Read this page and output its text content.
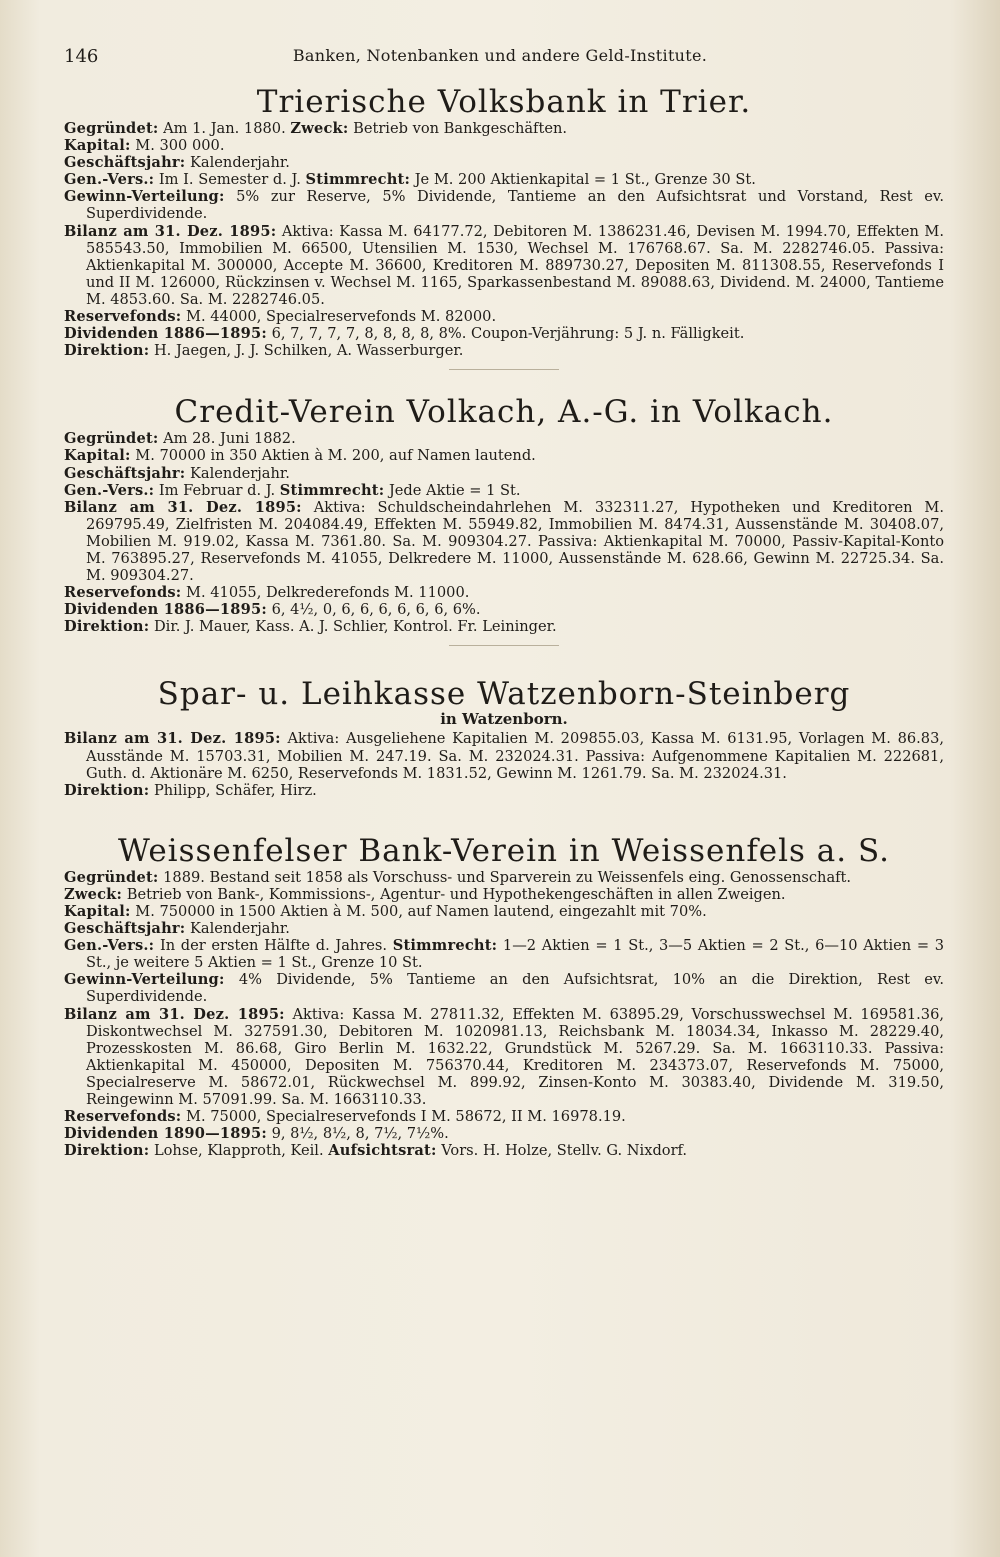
146	Banken, Notenbanken und andere Geld-Institute.
Trierische Volksbank in Trier.
Gegründet: Am 1. Jan. 1880. Zweck: Betrieb von Bankgeschäften.
Kapital: M. 300 000.
Geschäftsjahr: Kalenderjahr.
Gen.-Vers.: Im I. Semester d. J. Stimmrecht: Je M. 200 Aktienkapital = 1 St., Grenze 30 St.
Gewinn-Verteilung: 5% zur Reserve, 5% Dividende, Tantieme an den Aufsichtsrat und Vorstand, Rest ev. Superdividende.
Bilanz am 31. Dez. 1895: Aktiva: Kassa M. 64177.72, Debitoren M. 1386231.46, Devisen M. 1994.70, Effekten M. 585543.50, Immobilien M. 66500, Utensilien M. 1530, Wechsel M. 176768.67. Sa. M. 2282746.05. Passiva: Aktienkapital M. 300000, Accepte M. 36600, Kreditoren M. 889730.27, Depositen M. 811308.55, Reservefonds I und II M. 126000, Rückzinsen v. Wechsel M. 1165, Sparkassenbestand M. 89088.63, Dividend. M. 24000, Tantieme M. 4853.60. Sa. M. 2282746.05.
Reservefonds: M. 44000, Specialreservefonds M. 82000.
Dividenden 1886—1895: 6, 7, 7, 7, 7, 8, 8, 8, 8, 8%. Coupon-Verjährung: 5 J. n. Fälligkeit.
Direktion: H. Jaegen, J. J. Schilken, A. Wasserburger.
Credit-Verein Volkach, A.-G. in Volkach.
Gegründet: Am 28. Juni 1882.
Kapital: M. 70000 in 350 Aktien à M. 200, auf Namen lautend.
Geschäftsjahr: Kalenderjahr.
Gen.-Vers.: Im Februar d. J. Stimmrecht: Jede Aktie = 1 St.
Bilanz am 31. Dez. 1895: Aktiva: Schuldscheindahrlehen M. 332311.27, Hypotheken und Kreditoren M. 269795.49, Zielfristen M. 204084.49, Effekten M. 55949.82, Immobilien M. 8474.31, Aussenstände M. 30408.07, Mobilien M. 919.02, Kassa M. 7361.80. Sa. M. 909304.27. Passiva: Aktienkapital M. 70000, Passiv-Kapital-Konto M. 763895.27, Reservefonds M. 41055, Delkredere M. 11000, Aussenstände M. 628.66, Gewinn M. 22725.34. Sa. M. 909304.27.
Reservefonds: M. 41055, Delkrederefonds M. 11000.
Dividenden 1886—1895: 6, 4½, 0, 6, 6, 6, 6, 6, 6, 6%.
Direktion: Dir. J. Mauer, Kass. A. J. Schlier, Kontrol. Fr. Leininger.
Spar- u. Leihkasse Watzenborn-Steinberg
in Watzenborn.
Bilanz am 31. Dez. 1895: Aktiva: Ausgeliehene Kapitalien M. 209855.03, Kassa M. 6131.95, Vorlagen M. 86.83, Ausstände M. 15703.31, Mobilien M. 247.19. Sa. M. 232024.31. Passiva: Aufgenommene Kapitalien M. 222681, Guth. d. Aktionäre M. 6250, Reservefonds M. 1831.52, Gewinn M. 1261.79. Sa. M. 232024.31.
Direktion: Philipp, Schäfer, Hirz.
Weissenfelser Bank-Verein in Weissenfels a. S.
Gegründet: 1889. Bestand seit 1858 als Vorschuss- und Sparverein zu Weissenfels eing. Genossenschaft.
Zweck: Betrieb von Bank-, Kommissions-, Agentur- und Hypothekengeschäften in allen Zweigen.
Kapital: M. 750000 in 1500 Aktien à M. 500, auf Namen lautend, eingezahlt mit 70%.
Geschäftsjahr: Kalenderjahr.
Gen.-Vers.: In der ersten Hälfte d. Jahres. Stimmrecht: 1—2 Aktien = 1 St., 3—5 Aktien = 2 St., 6—10 Aktien = 3 St., je weitere 5 Aktien = 1 St., Grenze 10 St.
Gewinn-Verteilung: 4% Dividende, 5% Tantieme an den Aufsichtsrat, 10% an die Direktion, Rest ev. Superdividende.
Bilanz am 31. Dez. 1895: Aktiva: Kassa M. 27811.32, Effekten M. 63895.29, Vorschusswechsel M. 169581.36, Diskontwechsel M. 327591.30, Debitoren M. 1020981.13, Reichsbank M. 18034.34, Inkasso M. 28229.40, Prozesskosten M. 86.68, Giro Berlin M. 1632.22, Grundstück M. 5267.29. Sa. M. 1663110.33. Passiva: Aktienkapital M. 450000, Depositen M. 756370.44, Kreditoren M. 234373.07, Reservefonds M. 75000, Specialreserve M. 58672.01, Rückwechsel M. 899.92, Zinsen-Konto M. 30383.40, Dividende M. 319.50, Reingewinn M. 57091.99. Sa. M. 1663110.33.
Reservefonds: M. 75000, Specialreservefonds I M. 58672, II M. 16978.19.
Dividenden 1890—1895: 9, 8½, 8½, 8, 7½, 7½%.
Direktion: Lohse, Klapproth, Keil. Aufsichtsrat: Vors. H. Holze, Stellv. G. Nixdorf.
